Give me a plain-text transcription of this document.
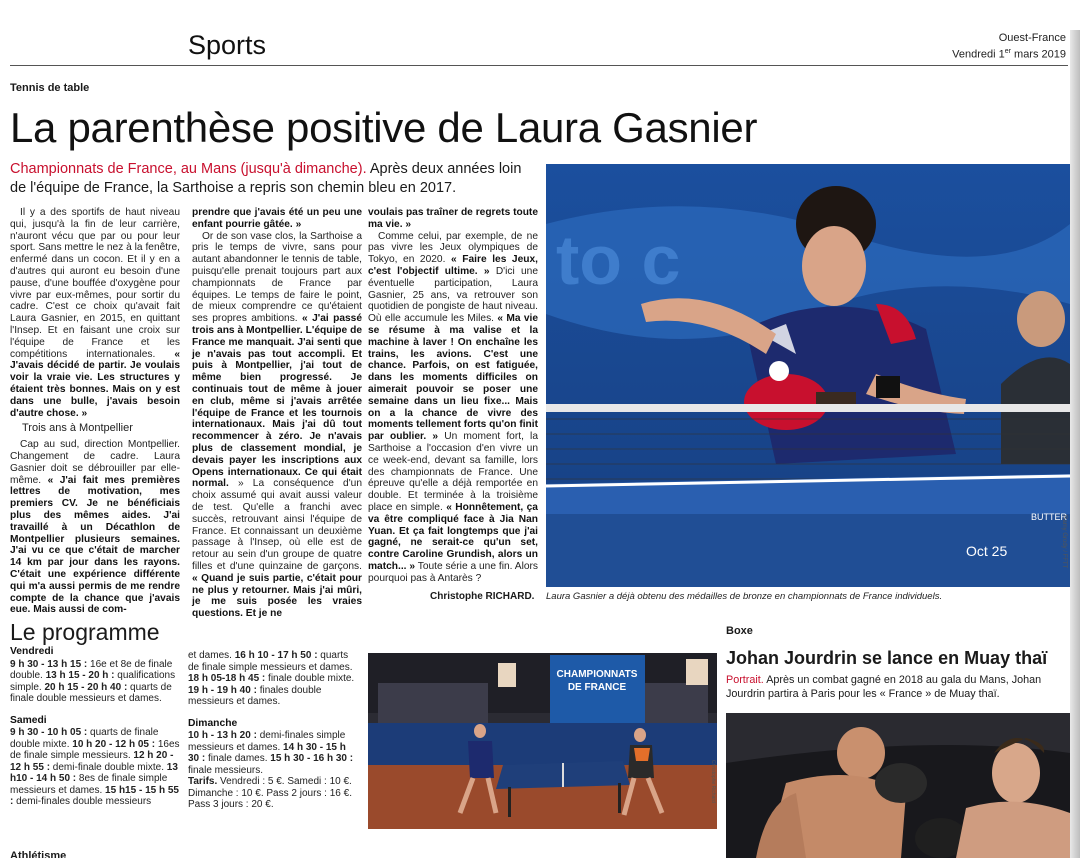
Sports	Ouest-France
Vendredi 1er mars 2019
Tennis de table
La parenthèse positive de Laura Gasnier

Championnats de France, au Mans (jusqu'à dimanche). Après deux années loin de l'équipe de France, la Sarthoise a repris son chemin bleu en 2017.

Il y a des sportifs de haut niveau qui, jusqu'à la fin de leur carrière, n'auront vécu que par ou pour leur sport. Sans mettre le nez à la fenêtre, enfermé dans un cocon. Et il y en a d'autres qui auront eu besoin d'une pause, d'une bouffée d'oxygène pour vivre par eux-mêmes, pour sortir du cadre. C'est ce choix qu'avait fait Laura Gasnier, en 2015, en quittant l'Insep. Et en faisant une croix sur l'équipe de France et les compétitions internationales. « J'avais décidé de partir. Je voulais voir la vraie vie. Les structures y étaient très bonnes. Mais on y est dans une bulle, j'avais besoin d'autre chose. »

Trois ans à Montpellier

Cap au sud, direction Montpellier. Changement de cadre. Laura Gasnier doit se débrouiller par elle-même. « J'ai fait mes premières lettres de motivation, mes premiers CV. Je ne bénéficiais plus des mêmes aides. J'ai travaillé à un Décathlon de Montpellier plusieurs semaines. J'ai vu ce que c'était de marcher 14 km par jour dans les rayons. C'était une expérience différente qui m'a aussi permis de me rendre compte de la chance que j'avais eue. Mais aussi de com-

prendre que j'avais été un peu une enfant pourrie gâtée. »

Or de son vase clos, la Sarthoise a pris le temps de vivre, sans pour autant abandonner le tennis de table, puisqu'elle prenait toujours part aux championnats de France par équipes. Le temps de faire le point, de mieux comprendre ce qu'étaient ses propres ambitions. « J'ai passé trois ans à Montpellier. L'équipe de France me manquait. J'ai senti que je n'avais pas tout accompli. Et puis à Montpellier, j'ai tout de même bien progressé. Je continuais tout de même à jouer en club, même si j'avais arrêtée l'équipe de France et les tournois internationaux. Mais j'ai dû tout recommencer à zéro. Je n'avais plus de classement mondial, je devais payer les inscriptions aux Opens internationaux. Ce qui était normal. » La conséquence d'un choix assumé qui avait aussi valeur de test. Qu'elle a franchi avec succès, retrouvant ainsi l'équipe de France. Et connaissant un deuxième passage à l'Insep, où elle est de retour au sein d'un groupe de quatre filles et d'une quinzaine de garçons. « Quand je suis partie, c'était pour ne plus y retourner. Mais j'ai mûri, je me suis posée les vraies questions. Et je ne

voulais pas traîner de regrets toute ma vie. »

Comme celui, par exemple, de ne pas vivre les Jeux olympiques de Tokyo, en 2020. « Faire les Jeux, c'est l'objectif ultime. » D'ici une éventuelle participation, Laura Gasnier, 25 ans, va retrouver son quotidien de pongiste de haut niveau. Où elle accumule les Miles. « Ma vie se résume à ma valise et la machine à laver ! On enchaîne les trains, les avions. C'est une chance. Parfois, on est fatiguée, dans les moments difficiles on aimerait pouvoir se poser une semaine dans un lieu fixe... Mais on a la chance de vivre des moments tellement forts qu'on finit par oublier. » Un moment fort, la Sarthoise a l'occasion d'en vivre un ce week-end, devant sa famille, lors des championnats de France. Une épreuve qu'elle a déjà remportée en double. Et terminée à la troisième place en simple. « Honnêtement, ça va être compliqué face à Jia Nan Yuan. Et ça fait longtemps que j'ai gagné, ne serait-ce qu'un set, contre Caroline Grundish, alors un match... » Toute série a une fin. Alors pourquoi pas à Antarès ?

Christophe RICHARD.
to c
Oct 25
BUTTER
Laura Gasnier a déjà obtenu des médailles de bronze en championnats de France individuels.
Ramy Grody / FFTT
Le programme
Vendredi

9 h 30 - 13 h 15 : 16e et 8e de finale double. 13 h 15 - 20 h : qualifications simple. 20 h 15 - 20 h 40 : quarts de finale double messieurs et dames.

Samedi

9 h 30 - 10 h 05 : quarts de finale double mixte. 10 h 20 - 12 h 05 : 16es de finale simple messieurs. 12 h 20 - 12 h 55 : demi-finale double mixte. 13 h10 - 14 h 50 : 8es de finale simple messieurs et dames. 15 h15 - 15 h 55 : demi-finales double messieurs

et dames. 16 h 10 - 17 h 50 : quarts de finale simple messieurs et dames. 18 h 05-18 h 45 : finale double mixte. 19 h - 19 h 40 : finales double messieurs et dames.

Dimanche

10 h - 13 h 20 : demi-finales simple messieurs et dames. 14 h 30 - 15 h 30 : finale dames. 15 h 30 - 16 h 30 : finale messieurs.

Tarifs. Vendredi : 5 €. Samedi : 10 €. Dimanche : 10 €. Pass 2 jours : 16 €. Pass 3 jours : 20 €.

CHAMPIONNATS
DE FRANCE
Christophe Richard
Athlétisme
Boxe
Johan Jourdrin se lance en Muay thaï

Portrait. Après un combat gagné en 2018 au gala du Mans, Johan Jourdrin partira à Paris pour les « France » de Muay thaï.
